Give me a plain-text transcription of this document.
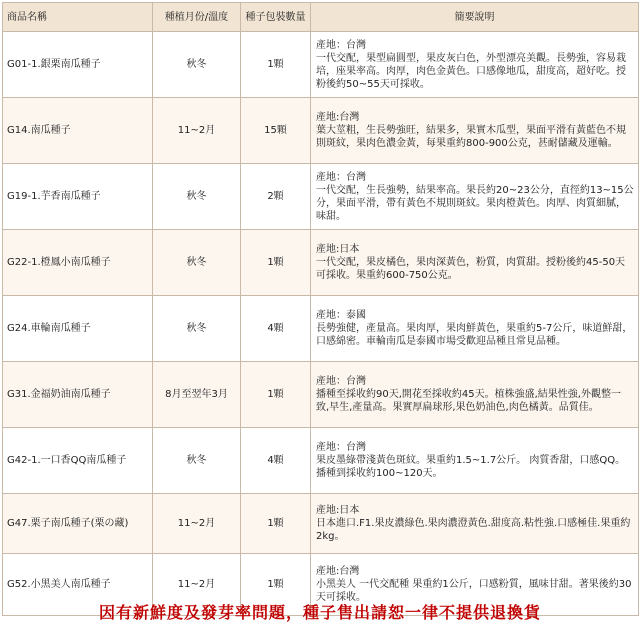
商品名稱	種植月份/溫度	種子包裝數量	簡要說明
G01-1.銀栗南瓜種子	秋冬	1顆	產地：台灣
一代交配，果型扁圓型，果皮灰白色，外型漂亮美觀。長勢強，容易栽培，座果率高。肉厚，肉色金黃色。口感像地瓜，甜度高，超好吃。授粉後約50~55天可採收。
G14.南瓜種子	11~2月	15顆	產地:台灣
葉大莖粗，生長勢強旺，結果多，果實木瓜型，果面平滑有黃藍色不規則斑紋，果肉色濃金黃，每果重約800-900公克，甚耐儲藏及運輸。
G19-1.芋香南瓜種子	秋冬	2顆	產地：台灣
一代交配，生長強勢，結果率高。果長約20~23公分，直徑約13~15公分，果面平滑，帶有黃色不規則斑紋。果肉橙黃色。肉厚、肉質細膩，味甜。
G22-1.橙鳳小南瓜種子	秋冬	1顆	產地:日本
一代交配，果皮橘色，果肉深黃色，粉質，肉質甜。授粉後約45-50天可採收。果重約600-750公克。
G24.車輪南瓜種子	秋冬	4顆	產地：泰國
長勢強健，產量高。果肉厚，果肉鮮黃色，果重約5-7公斤，味道鮮甜，口感綿密。車輪南瓜是泰國市場受歡迎品種且常見品種。
G31.金福奶油南瓜種子	8月至翌年3月	1顆	產地：台灣
播種至採收約90天,開花至採收約45天。植株強盛,結果性強,外觀整一致,早生,產量高。果實厚扁球形,果色奶油色,肉色橘黃。品質佳。
G42-1.一口香QQ南瓜種子	秋冬	4顆	產地：台灣
果皮墨綠帶淺黃色斑紋。果重約1.5~1.7公斤。 肉質香甜，口感QQ。播種到採收約100~120天。
G47.栗子南瓜種子(栗の藏)	11~2月	1顆	產地:日本
日本進口.F1.果皮濃綠色.果肉濃澄黃色.甜度高.粘性強.口感極佳.果重約2kg。
G52.小黑美人南瓜種子	11~2月	1顆	產地:台灣
小黑美人 一代交配種 果重約1公斤，口感粉質，風味甘甜。著果後約30天可採收。
因有新鮮度及發芽率問題，種子售出請恕一律不提供退換貨
